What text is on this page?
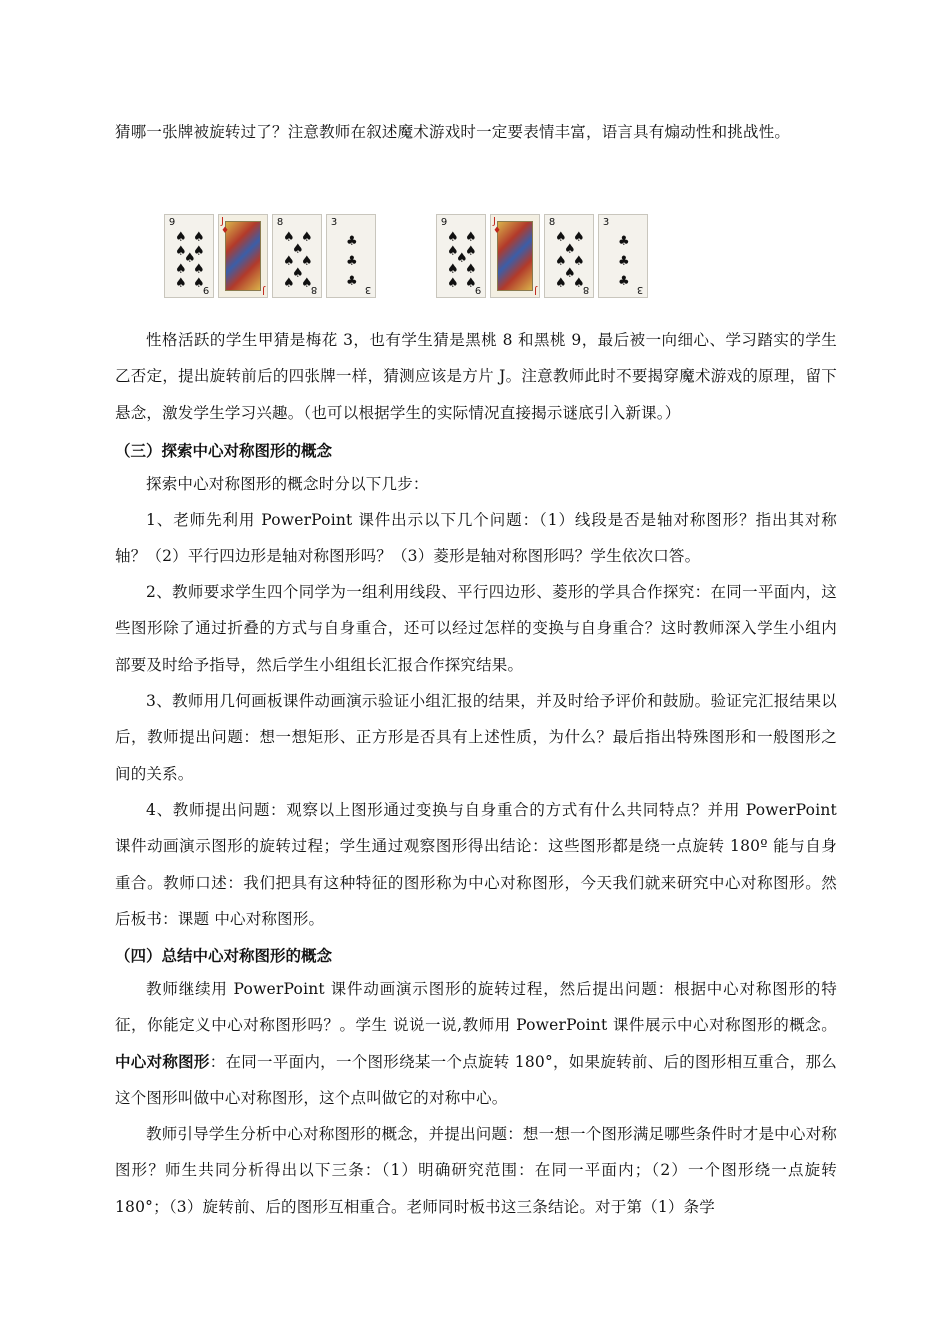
猜哪一张牌被旋转过了？注意教师在叙述魔术游戏时一定要表情丰富，语言具有煽动性和挑战性。

9
9
♠ ♠
♠ ♠
♠
♠ ♠
♠ ♠
J
♦
J
8
8
♠ ♠
♠
♠ ♠
♠
♠ ♠
3
3
♣
♣
♣
9
9
♠ ♠
♠ ♠
♠
♠ ♠
♠ ♠
J
♦
J
8
8
♠ ♠
♠
♠ ♠
♠
♠ ♠
3
3
♣
♣
♣

性格活跃的学生甲猜是梅花 3，也有学生猜是黑桃 8 和黑桃 9，最后被一向细心、学习踏实的学生乙否定，提出旋转前后的四张牌一样，猜测应该是方片 J。注意教师此时不要揭穿魔术游戏的原理，留下悬念，激发学生学习兴趣。（也可以根据学生的实际情况直接揭示谜底引入新课。）

（三）探索中心对称图形的概念

探索中心对称图形的概念时分以下几步：

1、老师先利用 PowerPoint 课件出示以下几个问题：（1）线段是否是轴对称图形？指出其对称轴？（2）平行四边形是轴对称图形吗？（3）菱形是轴对称图形吗？学生依次口答。

2、教师要求学生四个同学为一组利用线段、平行四边形、菱形的学具合作探究：在同一平面内，这些图形除了通过折叠的方式与自身重合，还可以经过怎样的变换与自身重合？这时教师深入学生小组内部要及时给予指导，然后学生小组组长汇报合作探究结果。

3、教师用几何画板课件动画演示验证小组汇报的结果，并及时给予评价和鼓励。验证完汇报结果以后，教师提出问题：想一想矩形、正方形是否具有上述性质，为什么？最后指出特殊图形和一般图形之间的关系。

4、教师提出问题：观察以上图形通过变换与自身重合的方式有什么共同特点？并用 PowerPoint 课件动画演示图形的旋转过程；学生通过观察图形得出结论：这些图形都是绕一点旋转 180º 能与自身重合。教师口述：我们把具有这种特征的图形称为中心对称图形，今天我们就来研究中心对称图形。然后板书：课题 中心对称图形。

（四）总结中心对称图形的概念

教师继续用 PowerPoint 课件动画演示图形的旋转过程，然后提出问题：根据中心对称图形的特征，你能定义中心对称图形吗？。学生 说说一说,教师用 PowerPoint 课件展示中心对称图形的概念。中心对称图形：在同一平面内，一个图形绕某一个点旋转 180°，如果旋转前、后的图形相互重合，那么这个图形叫做中心对称图形，这个点叫做它的对称中心。

教师引导学生分析中心对称图形的概念，并提出问题：想一想一个图形满足哪些条件时才是中心对称图形？师生共同分析得出以下三条：（1）明确研究范围：在同一平面内；（2）一个图形绕一点旋转 180°；（3）旋转前、后的图形互相重合。老师同时板书这三条结论。对于第（1）条学
